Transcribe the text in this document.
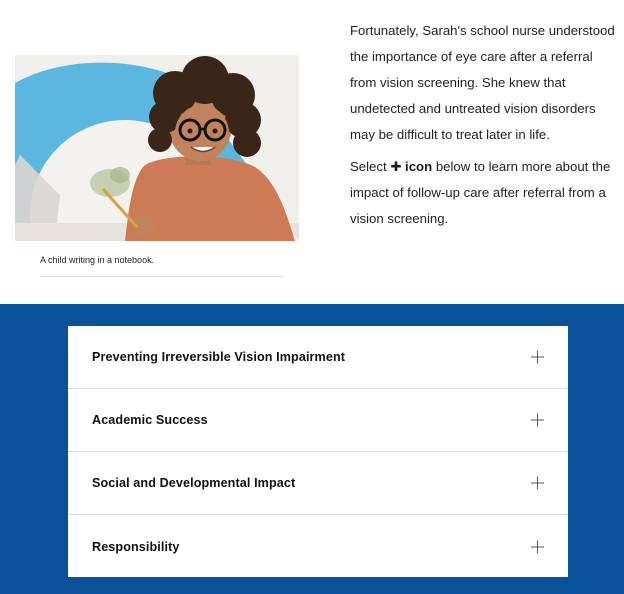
A child writing in a notebook.

Fortunately, Sarah's school nurse understood the importance of eye care after a referral from vision screening. She knew that undetected and untreated vision disorders may be difficult to treat later in life.

Select ✚ icon below to learn more about the impact of follow-up care after referral from a vision screening.

Preventing Irreversible Vision Impairment
Academic Success
Social and Developmental Impact
Responsibility
